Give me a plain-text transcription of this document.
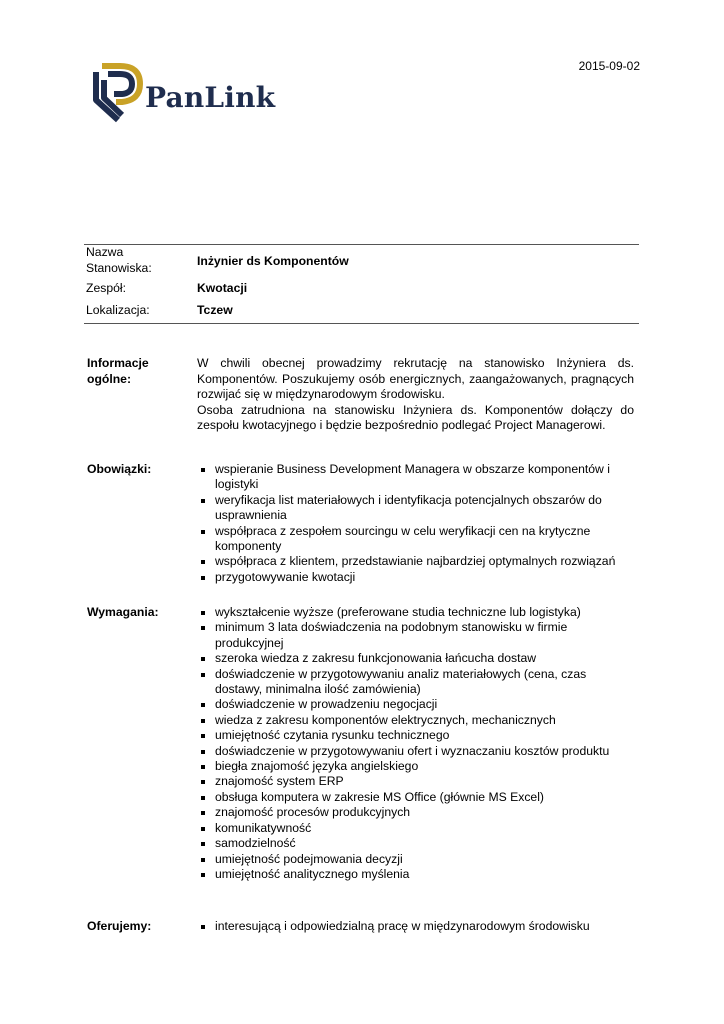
2015-09-02
PanLink
Nazwa Stanowiska:	Inżynier ds Komponentów
Zespół:	Kwotacji
Lokalizacja:	Tczew
Informacje ogólne:
W chwili obecnej prowadzimy rekrutację na stanowisko Inżyniera ds.
Komponentów. Poszukujemy osób energicznych, zaangażowanych, pragnących
rozwijać się w międzynarodowym środowisku.
Osoba zatrudniona na stanowisku Inżyniera ds. Komponentów dołączy do
zespołu kwotacyjnego i będzie bezpośrednio podlegać Project Managerowi.
Obowiązki:	wspieranie Business Development Managera w obszarze komponentów i logistyki
weryfikacja list materiałowych i identyfikacja potencjalnych obszarów do usprawnienia
współpraca z zespołem sourcingu w celu weryfikacji cen na krytyczne komponenty
współpraca z klientem, przedstawianie najbardziej optymalnych rozwiązań
przygotowywanie kwotacji
Wymagania:	wykształcenie wyższe (preferowane studia techniczne lub logistyka)
minimum 3 lata doświadczenia na podobnym stanowisku w firmie produkcyjnej
szeroka wiedza z zakresu funkcjonowania łańcucha dostaw
doświadczenie w przygotowywaniu analiz materiałowych (cena, czas dostawy, minimalna ilość zamówienia)
doświadczenie w prowadzeniu negocjacji
wiedza z zakresu komponentów elektrycznych, mechanicznych
umiejętność czytania rysunku technicznego
doświadczenie w przygotowywaniu ofert i wyznaczaniu kosztów produktu
biegła znajomość języka angielskiego
znajomość system ERP
obsługa komputera w zakresie MS Office (głównie MS Excel)
znajomość procesów produkcyjnych
komunikatywność
samodzielność
umiejętność podejmowania decyzji
umiejętność analitycznego myślenia
Oferujemy:	interesującą i odpowiedzialną pracę w międzynarodowym środowisku
